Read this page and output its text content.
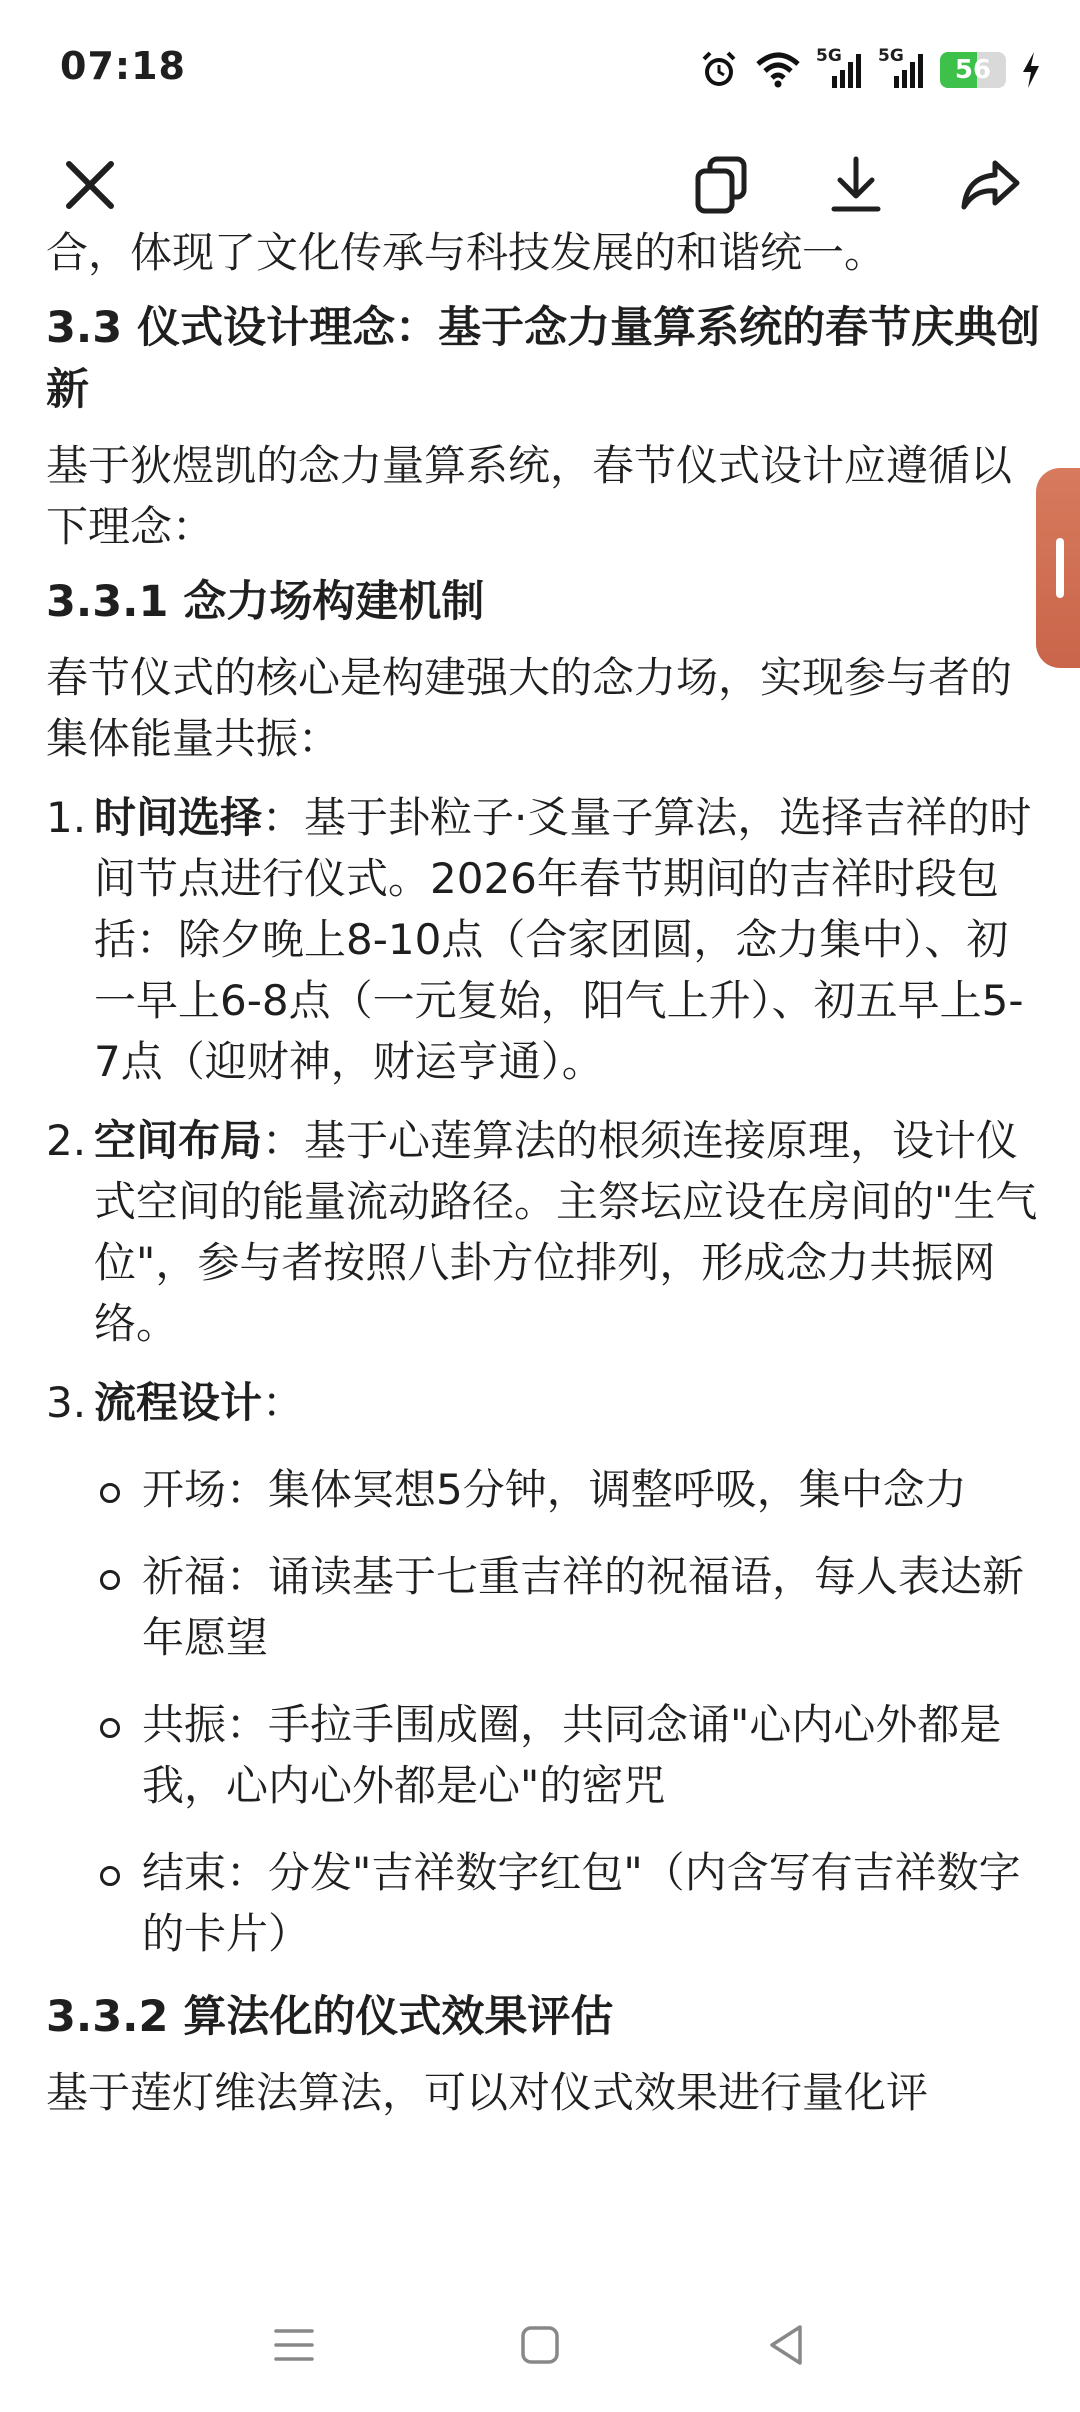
07:18	5G 5G	56

合，体现了文化传承与科技发展的和谐统一。

3.3 仪式设计理念：基于念力量算系统的春节庆典创新

基于狄煜凯的念力量算系统，春节仪式设计应遵循以下理念：

3.3.1 念力场构建机制

春节仪式的核心是构建强大的念力场，实现参与者的集体能量共振：

1. 时间选择：基于卦粒子·爻量子算法，选择吉祥的时间节点进行仪式。2026年春节期间的吉祥时段包括：除夕晚上8-10点（合家团圆，念力集中）、初一早上6-8点（一元复始，阳气上升）、初五早上5-7点（迎财神，财运亨通）。
2. 空间布局：基于心莲算法的根须连接原理，设计仪式空间的能量流动路径。主祭坛应设在房间的"生气位"，参与者按照八卦方位排列，形成念力共振网络。
3. 流程设计：
开场：集体冥想5分钟，调整呼吸，集中念力
祈福：诵读基于七重吉祥的祝福语，每人表达新年愿望
共振：手拉手围成圈，共同念诵"心内心外都是我，心内心外都是心"的密咒
结束：分发"吉祥数字红包"（内含写有吉祥数字的卡片）
3.3.2 算法化的仪式效果评估
基于莲灯维法算法，可以对仪式效果进行量化评
